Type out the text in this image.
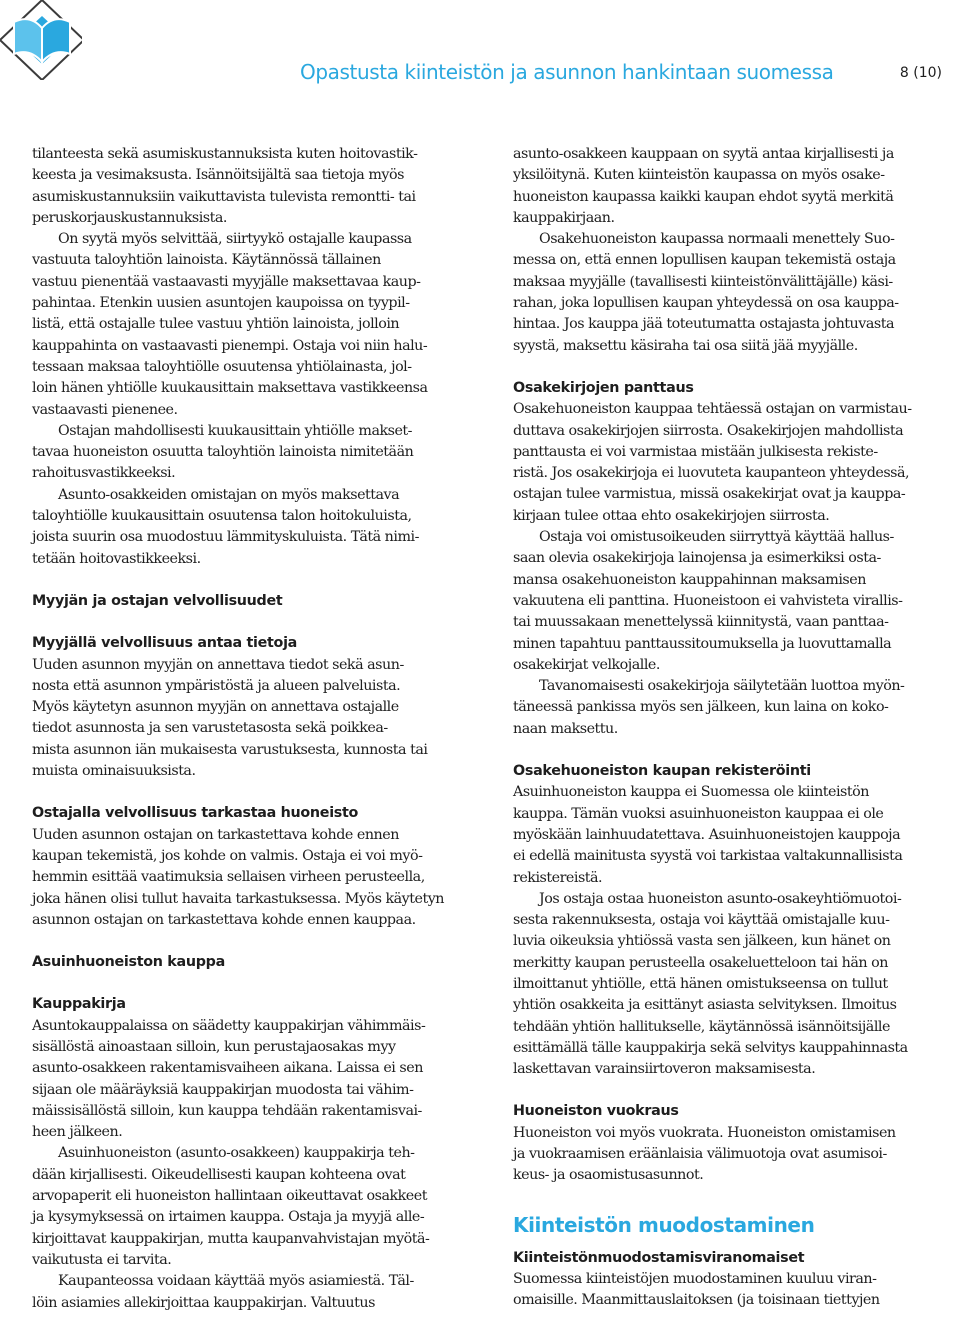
Opastusta kiinteistön ja asunnon hankintaan suomessa	8 (10)

tilanteesta sekä asumiskustannuksista kuten hoitovastik-
keesta ja vesimaksusta. Isännöitsijältä saa tietoja myös
asumiskustannuksiin vaikuttavista tulevista remontti- tai
peruskorjauskustannuksista.

On syytä myös selvittää, siirtyykö ostajalle kaupassa
vastuuta taloyhtiön lainoista. Käytännössä tällainen
vastuu pienentää vastaavasti myyjälle maksettavaa kaup-
pahintaa. Etenkin uusien asuntojen kaupoissa on tyypil-
listä, että ostajalle tulee vastuu yhtiön lainoista, jolloin
kauppahinta on vastaavasti pienempi. Ostaja voi niin halu-
tessaan maksaa taloyhtiölle osuutensa yhtiölainasta, jol-
loin hänen yhtiölle kuukausittain maksettava vastikkeensa
vastaavasti pienenee.

Ostajan mahdollisesti kuukausittain yhtiölle makset-
tavaa huoneiston osuutta taloyhtiön lainoista nimitetään
rahoitusvastikkeeksi.

Asunto-osakkeiden omistajan on myös maksettava
taloyhtiölle kuukausittain osuutensa talon hoitokuluista,
joista suurin osa muodostuu lämmityskuluista. Tätä nimi-
tetään hoitovastikkeeksi.

Myyjän ja ostajan velvollisuudet
Myyjällä velvollisuus antaa tietoja

Uuden asunnon myyjän on annettava tiedot sekä asun-
nosta että asunnon ympäristöstä ja alueen palveluista.
Myös käytetyn asunnon myyjän on annettava ostajalle
tiedot asunnosta ja sen varustetasosta sekä poikkea-
mista asunnon iän mukaisesta varustuksesta, kunnosta tai
muista ominaisuuksista.

Ostajalla velvollisuus tarkastaa huoneisto

Uuden asunnon ostajan on tarkastettava kohde ennen
kaupan tekemistä, jos kohde on valmis. Ostaja ei voi myö-
hemmin esittää vaatimuksia sellaisen virheen perusteella,
joka hänen olisi tullut havaita tarkastuksessa. Myös käytetyn
asunnon ostajan on tarkastettava kohde ennen kauppaa.

Asuinhuoneiston kauppa
Kauppakirja

Asuntokauppalaissa on säädetty kauppakirjan vähimmäis-
sisällöstä ainoastaan silloin, kun perustajaosakas myy
asunto-osakkeen rakentamisvaiheen aikana. Laissa ei sen
sijaan ole määräyksiä kauppakirjan muodosta tai vähim-
mäissisällöstä silloin, kun kauppa tehdään rakentamisvai-
heen jälkeen.

Asuinhuoneiston (asunto-osakkeen) kauppakirja teh-
dään kirjallisesti. Oikeudellisesti kaupan kohteena ovat
arvopaperit eli huoneiston hallintaan oikeuttavat osakkeet
ja kysymyksessä on irtaimen kauppa. Ostaja ja myyjä alle-
kirjoittavat kauppakirjan, mutta kaupanvahvistajan myötä-
vaikutusta ei tarvita.

Kaupanteossa voidaan käyttää myös asiamiestä. Täl-
löin asiamies allekirjoittaa kauppakirjan. Valtuutus

asunto-osakkeen kauppaan on syytä antaa kirjallisesti ja
yksilöitynä. Kuten kiinteistön kaupassa on myös osake-
huoneiston kaupassa kaikki kaupan ehdot syytä merkitä
kauppakirjaan.

Osakehuoneiston kaupassa normaali menettely Suo-
messa on, että ennen lopullisen kaupan tekemistä ostaja
maksaa myyjälle (tavallisesti kiinteistönvälittäjälle) käsi-
rahan, joka lopullisen kaupan yhteydessä on osa kauppa-
hintaa. Jos kauppa jää toteutumatta ostajasta johtuvasta
syystä, maksettu käsiraha tai osa siitä jää myyjälle.

Osakekirjojen panttaus

Osakehuoneiston kauppaa tehtäessä ostajan on varmistau-
duttava osakekirjojen siirrosta. Osakekirjojen mahdollista
panttausta ei voi varmistaa mistään julkisesta rekiste-
ristä. Jos osakekirjoja ei luovuteta kaupanteon yhteydessä,
ostajan tulee varmistua, missä osakekirjat ovat ja kauppa-
kirjaan tulee ottaa ehto osakekirjojen siirrosta.

Ostaja voi omistusoikeuden siirryttyä käyttää hallus-
saan olevia osakekirjoja lainojensa ja esimerkiksi osta-
mansa osakehuoneiston kauppahinnan maksamisen
vakuutena eli panttina. Huoneistoon ei vahvisteta virallis-
tai muussakaan menettelyssä kiinnitystä, vaan panttaa-
minen tapahtuu panttaussitoumuksella ja luovuttamalla
osakekirjat velkojalle.

Tavanomaisesti osakekirjoja säilytetään luottoa myön-
täneessä pankissa myös sen jälkeen, kun laina on koko-
naan maksettu.

Osakehuoneiston kaupan rekisteröinti

Asuinhuoneiston kauppa ei Suomessa ole kiinteistön
kauppa. Tämän vuoksi asuinhuoneiston kauppaa ei ole
myöskään lainhuudatettava. Asuinhuoneistojen kauppoja
ei edellä mainitusta syystä voi tarkistaa valtakunnallisista
rekistereistä.

Jos ostaja ostaa huoneiston asunto-osakeyhtiömuotoi-
sesta rakennuksesta, ostaja voi käyttää omistajalle kuu-
luvia oikeuksia yhtiössä vasta sen jälkeen, kun hänet on
merkitty kaupan perusteella osakeluetteloon tai hän on
ilmoittanut yhtiölle, että hänen omistukseensa on tullut
yhtiön osakkeita ja esittänyt asiasta selvityksen. Ilmoitus
tehdään yhtiön hallitukselle, käytännössä isännöitsijälle
esittämällä tälle kauppakirja sekä selvitys kauppahinnasta
laskettavan varainsiirtoveron maksamisesta.

Huoneiston vuokraus

Huoneiston voi myös vuokrata. Huoneiston omistamisen
ja vuokraamisen eräänlaisia välimuotoja ovat asumisoi-
keus- ja osaomistusasunnot.

Kiinteistön muodostaminen
Kiinteistönmuodostamisviranomaiset

Suomessa kiinteistöjen muodostaminen kuuluu viran-
omaisille. Maanmittauslaitoksen (ja toisinaan tiettyjen
